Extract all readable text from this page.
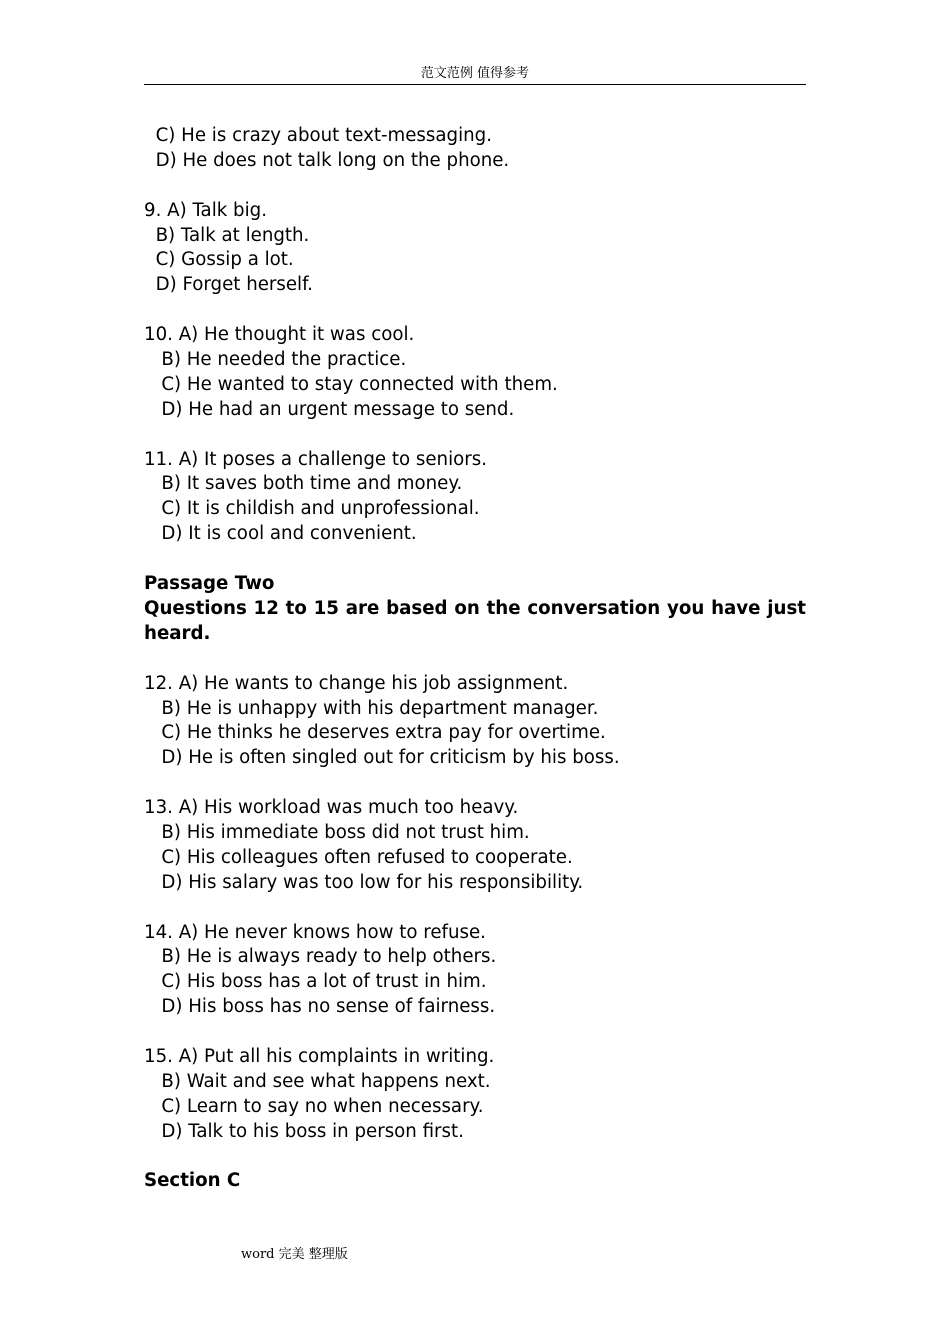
范文范例 值得参考
C) He is crazy about text-messaging.
D) He does not talk long on the phone.
9. A) Talk big.
B) Talk at length.
C) Gossip a lot.
D) Forget herself.
10. A) He thought it was cool.
B) He needed the practice.
C) He wanted to stay connected with them.
D) He had an urgent message to send.
11. A) It poses a challenge to seniors.
B) It saves both time and money.
C) It is childish and unprofessional.
D) It is cool and convenient.
Passage Two
Questions 12 to 15 are based on the conversation you have just heard.
12. A) He wants to change his job assignment.
B) He is unhappy with his department manager.
C) He thinks he deserves extra pay for overtime.
D) He is often singled out for criticism by his boss.
13. A) His workload was much too heavy.
B) His immediate boss did not trust him.
C) His colleagues often refused to cooperate.
D) His salary was too low for his responsibility.
14. A) He never knows how to refuse.
B) He is always ready to help others.
C) His boss has a lot of trust in him.
D) His boss has no sense of fairness.
15. A) Put all his complaints in writing.
B) Wait and see what happens next.
C) Learn to say no when necessary.
D) Talk to his boss in person first.
Section C
word 完美 整理版
